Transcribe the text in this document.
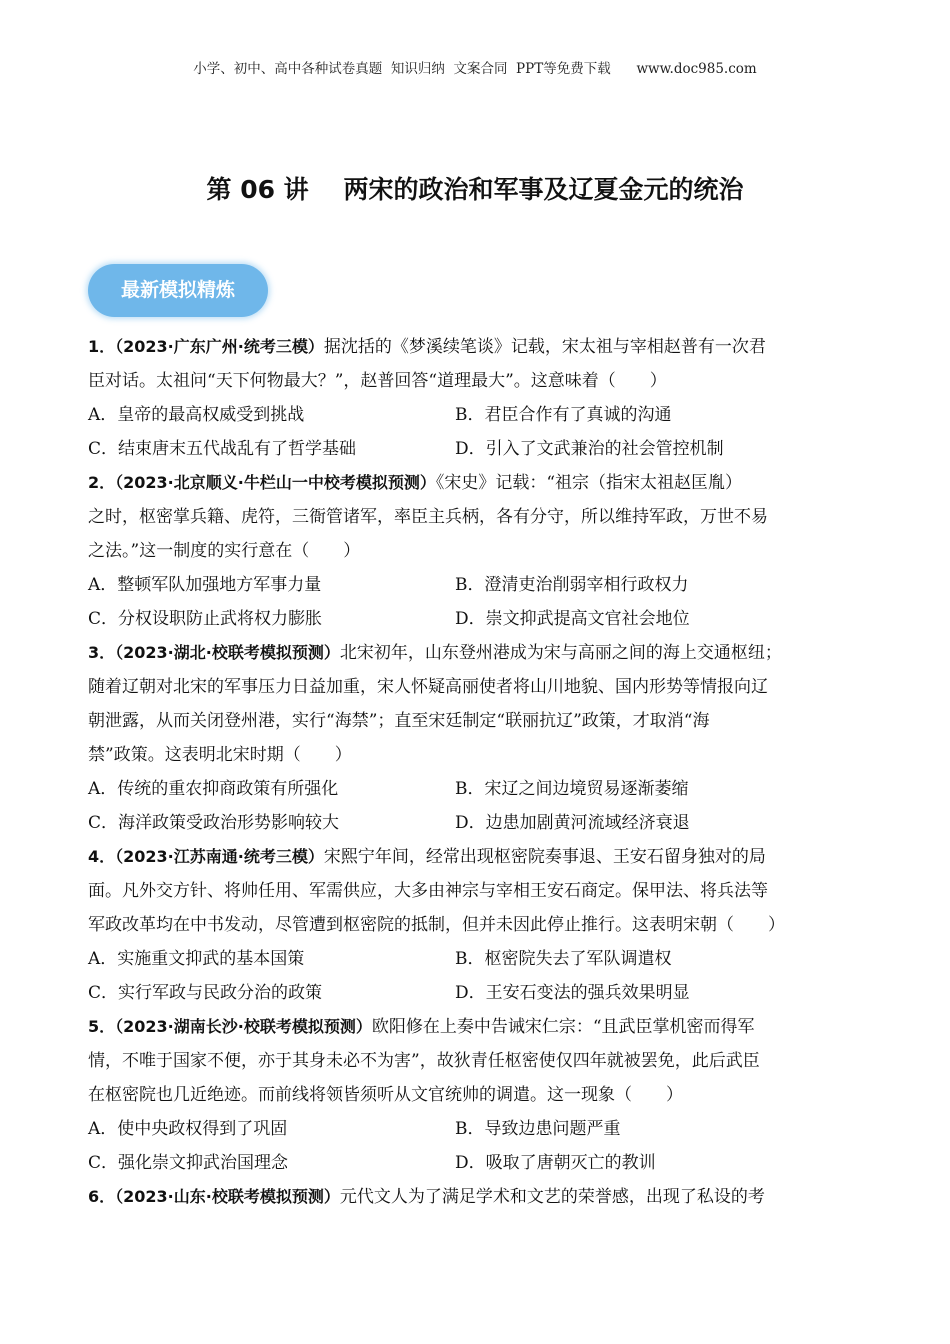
小学、初中、高中各种试卷真题  知识归纳  文案合同  PPT等免费下载      www.doc985.com
第 06 讲    两宋的政治和军事及辽夏金元的统治
最新模拟精炼
1．（2023·广东广州·统考三模）据沈括的《梦溪续笔谈》记载，宋太祖与宰相赵普有一次君
臣对话。太祖问“天下何物最大？”，赵普回答“道理最大”。这意味着（　　）
A．皇帝的最高权威受到挑战	B．君臣合作有了真诚的沟通
C．结束唐末五代战乱有了哲学基础	D．引入了文武兼治的社会管控机制
2．（2023·北京顺义·牛栏山一中校考模拟预测）《宋史》记载：“祖宗（指宋太祖赵匡胤）
之时，枢密掌兵籍、虎符，三衙管诸军，率臣主兵柄，各有分守，所以维持军政，万世不易
之法。”这一制度的实行意在（　　）
A．整顿军队加强地方军事力量	B．澄清吏治削弱宰相行政权力
C．分权设职防止武将权力膨胀	D．崇文抑武提高文官社会地位
3．（2023·湖北·校联考模拟预测）北宋初年，山东登州港成为宋与高丽之间的海上交通枢纽；
随着辽朝对北宋的军事压力日益加重，宋人怀疑高丽使者将山川地貌、国内形势等情报向辽
朝泄露，从而关闭登州港，实行“海禁”；直至宋廷制定“联丽抗辽”政策，才取消“海
禁”政策。这表明北宋时期（　　）
A．传统的重农抑商政策有所强化	B．宋辽之间边境贸易逐渐萎缩
C．海洋政策受政治形势影响较大	D．边患加剧黄河流域经济衰退
4．（2023·江苏南通·统考三模）宋熙宁年间，经常出现枢密院奏事退、王安石留身独对的局
面。凡外交方针、将帅任用、军需供应，大多由神宗与宰相王安石商定。保甲法、将兵法等
军政改革均在中书发动，尽管遭到枢密院的抵制，但并未因此停止推行。这表明宋朝（　　）
A．实施重文抑武的基本国策	B．枢密院失去了军队调遣权
C．实行军政与民政分治的政策	D．王安石变法的强兵效果明显
5．（2023·湖南长沙·校联考模拟预测）欧阳修在上奏中告诫宋仁宗：“且武臣掌机密而得军
情，不唯于国家不便，亦于其身未必不为害”，故狄青任枢密使仅四年就被罢免，此后武臣
在枢密院也几近绝迹。而前线将领皆须听从文官统帅的调遣。这一现象（　　）
A．使中央政权得到了巩固	B．导致边患问题严重
C．强化崇文抑武治国理念	D．吸取了唐朝灭亡的教训
6．（2023·山东·校联考模拟预测）元代文人为了满足学术和文艺的荣誉感，出现了私设的考
